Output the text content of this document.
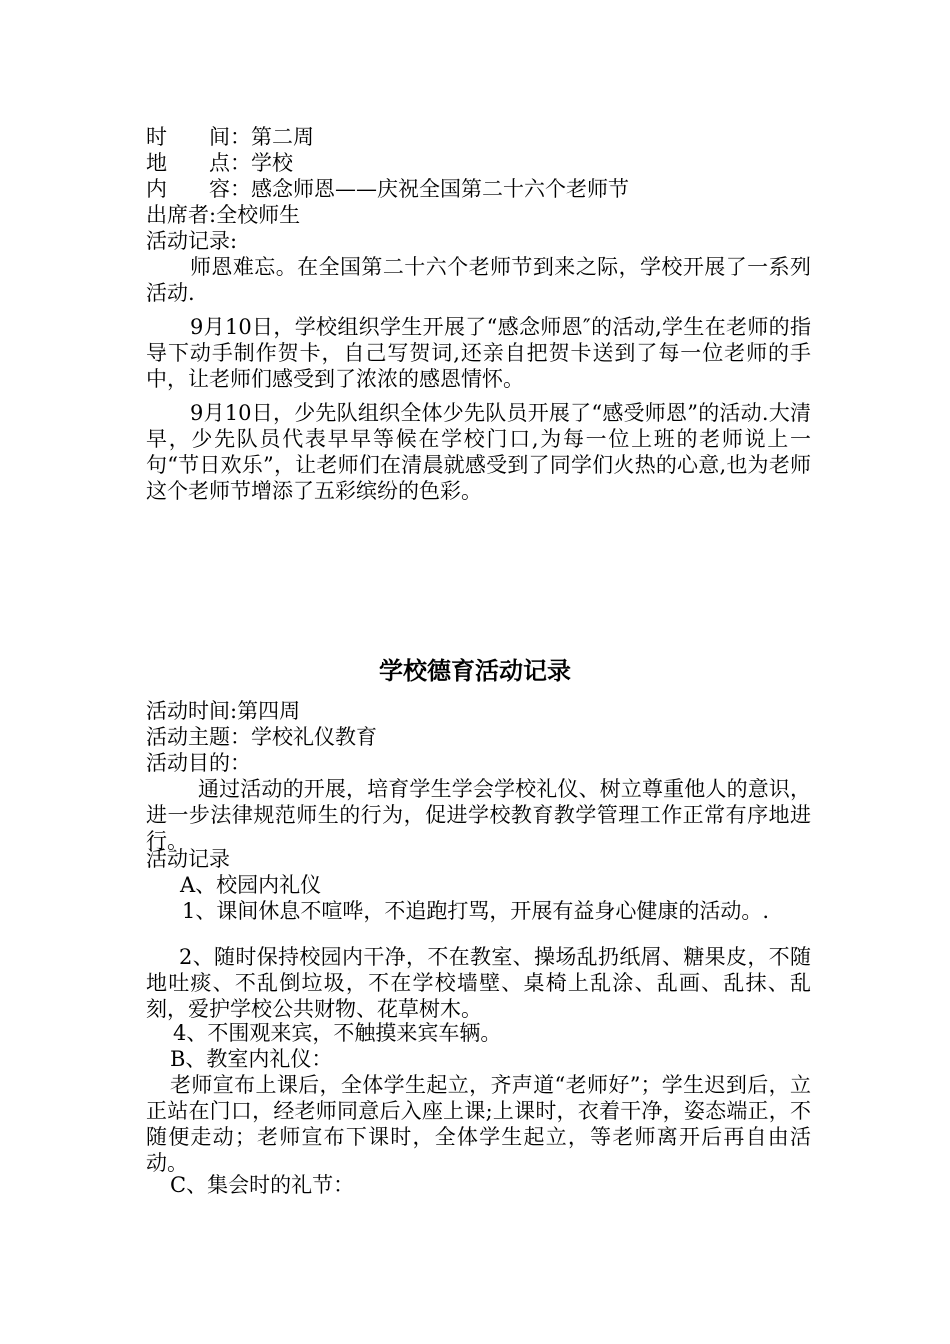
时　　间：第二周
地　　点：学校
内　　容：感念师恩——庆祝全国第二十六个老师节
出席者:全校师生
活动记录:
师恩难忘。在全国第二十六个老师节到来之际，学校开展了一系列活动.
9月10日，学校组织学生开展了“感念师恩″的活动,学生在老师的指导下动手制作贺卡，自己写贺词,还亲自把贺卡送到了每一位老师的手中，让老师们感受到了浓浓的感恩情怀。
9月10日，少先队组织全体少先队员开展了“感受师恩”的活动.大清早，少先队员代表早早等候在学校门口,为每一位上班的老师说上一句“节日欢乐”，让老师们在清晨就感受到了同学们火热的心意,也为老师这个老师节增添了五彩缤纷的色彩。
学校德育活动记录
活动时间:第四周
活动主题：学校礼仪教育
活动目的：
通过活动的开展，培育学生学会学校礼仪、树立尊重他人的意识，进一步法律规范师生的行为，促进学校教育教学管理工作正常有序地进行。
活动记录
A、校园内礼仪
1、课间休息不喧哗，不追跑打骂，开展有益身心健康的活动。.
2、随时保持校园内干净，不在教室、操场乱扔纸屑、糖果皮，不随地吐痰、不乱倒垃圾，不在学校墙壁、桌椅上乱涂、乱画、乱抹、乱刻，爱护学校公共财物、花草树木。
4、不围观来宾，不触摸来宾车辆。
B、教室内礼仪：
老师宣布上课后，全体学生起立，齐声道“老师好”；学生迟到后，立正站在门口，经老师同意后入座上课;上课时，衣着干净，姿态端正，不随便走动；老师宣布下课时，全体学生起立，等老师离开后再自由活动。
C、集会时的礼节：
